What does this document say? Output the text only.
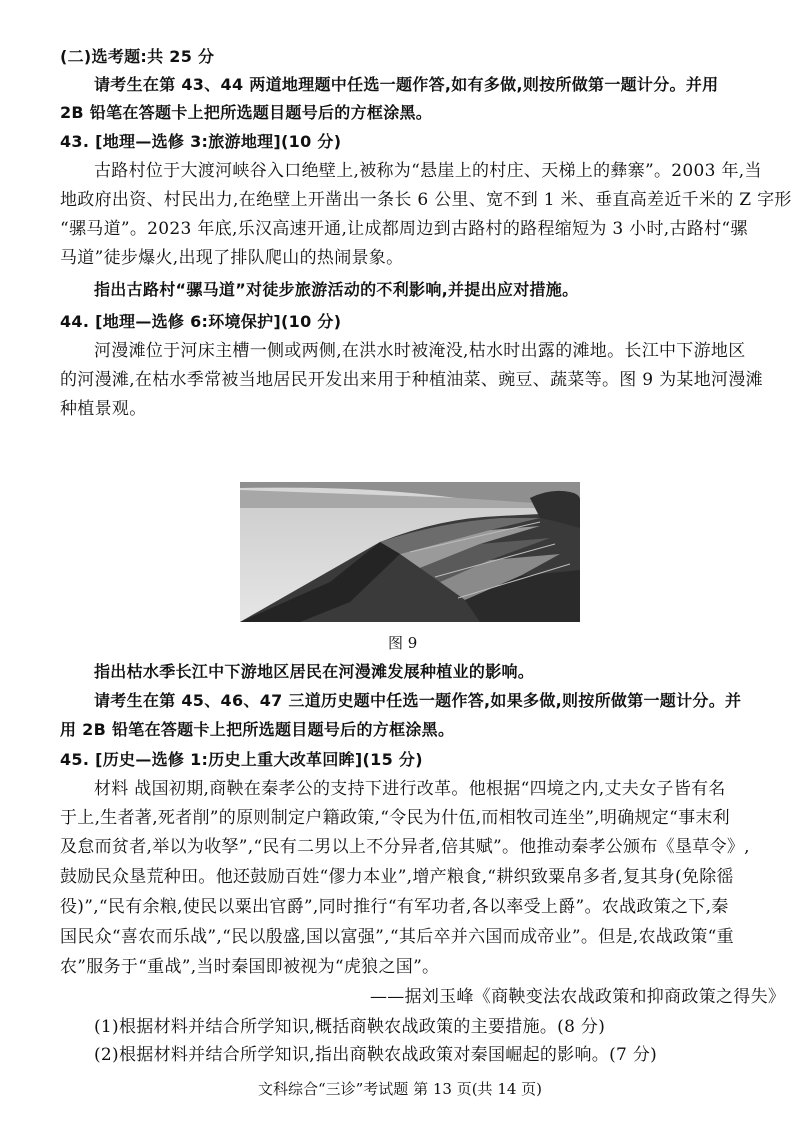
(二)选考题:共 25 分
请考生在第 43、44 两道地理题中任选一题作答,如有多做,则按所做第一题计分。并用
2B 铅笔在答题卡上把所选题目题号后的方框涂黑。
43. [地理—选修 3:旅游地理](10 分)
古路村位于大渡河峡谷入口绝壁上,被称为“悬崖上的村庄、天梯上的彝寨”。2003 年,当
地政府出资、村民出力,在绝壁上开凿出一条长 6 公里、宽不到 1 米、垂直高差近千米的 Z 字形
“骡马道”。2023 年底,乐汉高速开通,让成都周边到古路村的路程缩短为 3 小时,古路村“骡
马道”徒步爆火,出现了排队爬山的热闹景象。
指出古路村“骡马道”对徒步旅游活动的不利影响,并提出应对措施。
44. [地理—选修 6:环境保护](10 分)
河漫滩位于河床主槽一侧或两侧,在洪水时被淹没,枯水时出露的滩地。长江中下游地区
的河漫滩,在枯水季常被当地居民开发出来用于种植油菜、豌豆、蔬菜等。图 9 为某地河漫滩
种植景观。
图 9
指出枯水季长江中下游地区居民在河漫滩发展种植业的影响。
请考生在第 45、46、47 三道历史题中任选一题作答,如果多做,则按所做第一题计分。并
用 2B 铅笔在答题卡上把所选题目题号后的方框涂黑。
45. [历史—选修 1:历史上重大改革回眸](15 分)
材料 战国初期,商鞅在秦孝公的支持下进行改革。他根据“四境之内,丈夫女子皆有名
于上,生者著,死者削”的原则制定户籍政策,“令民为什伍,而相牧司连坐”,明确规定“事末利
及怠而贫者,举以为收孥”,“民有二男以上不分异者,倍其赋”。他推动秦孝公颁布《垦草令》,
鼓励民众垦荒种田。他还鼓励百姓“僇力本业”,增产粮食,“耕织致粟帛多者,复其身(免除徭
役)”,“民有余粮,使民以粟出官爵”,同时推行“有军功者,各以率受上爵”。农战政策之下,秦
国民众“喜农而乐战”,“民以殷盛,国以富强”,“其后卒并六国而成帝业”。但是,农战政策“重
农”服务于“重战”,当时秦国即被视为“虎狼之国”。
——据刘玉峰《商鞅变法农战政策和抑商政策之得失》
(1)根据材料并结合所学知识,概括商鞅农战政策的主要措施。(8 分)
(2)根据材料并结合所学知识,指出商鞅农战政策对秦国崛起的影响。(7 分)
文科综合“三诊”考试题 第 13 页(共 14 页)
